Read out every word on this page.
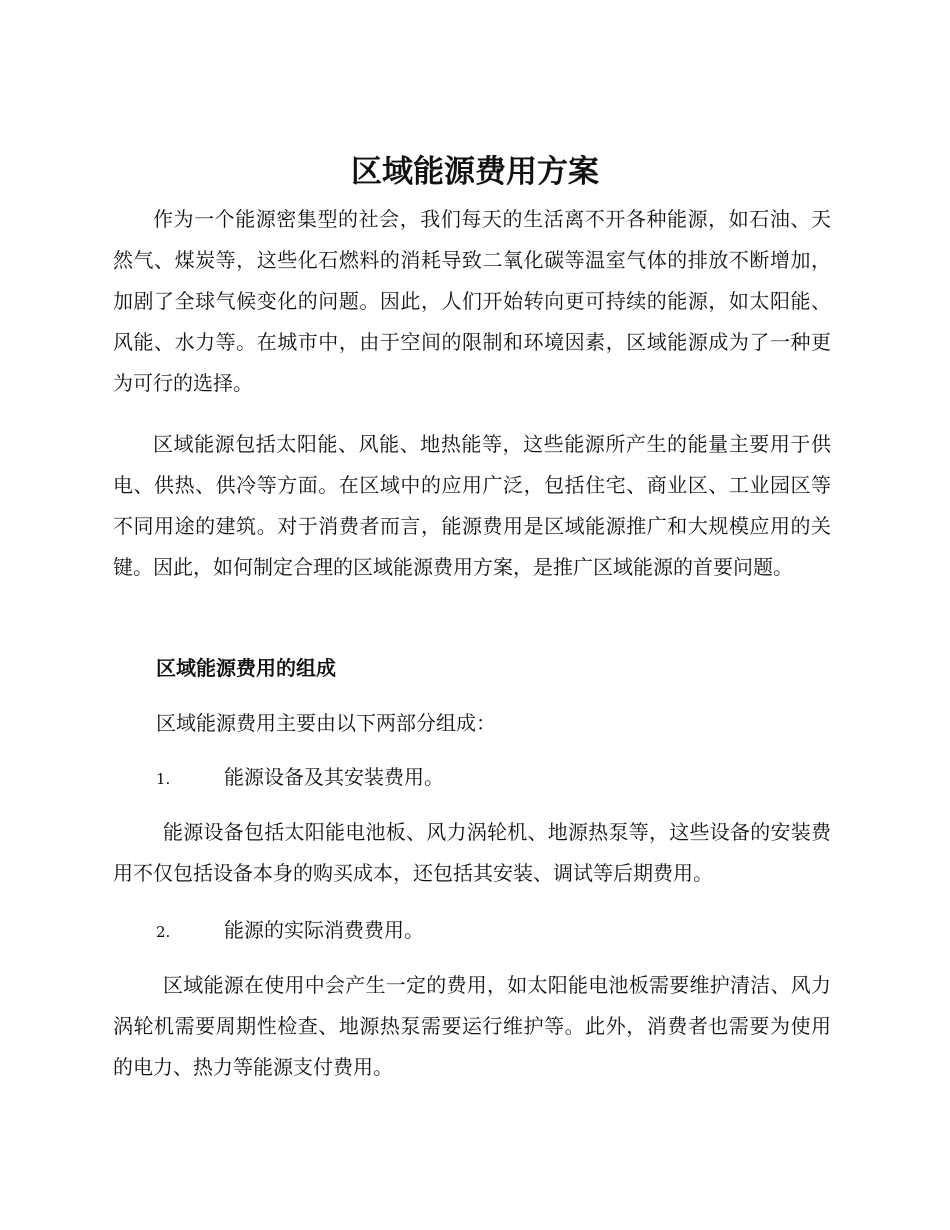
区域能源费用方案

作为一个能源密集型的社会，我们每天的生活离不开各种能源，如石油、天然气、煤炭等，这些化石燃料的消耗导致二氧化碳等温室气体的排放不断增加，加剧了全球气候变化的问题。因此，人们开始转向更可持续的能源，如太阳能、风能、水力等。在城市中，由于空间的限制和环境因素，区域能源成为了一种更为可行的选择。

区域能源包括太阳能、风能、地热能等，这些能源所产生的能量主要用于供电、供热、供冷等方面。在区域中的应用广泛，包括住宅、商业区、工业园区等不同用途的建筑。对于消费者而言，能源费用是区域能源推广和大规模应用的关键。因此，如何制定合理的区域能源费用方案，是推广区域能源的首要问题。

区域能源费用的组成

区域能源费用主要由以下两部分组成：

1.	能源设备及其安装费用。

能源设备包括太阳能电池板、风力涡轮机、地源热泵等，这些设备的安装费用不仅包括设备本身的购买成本，还包括其安装、调试等后期费用。

2.	能源的实际消费费用。

区域能源在使用中会产生一定的费用，如太阳能电池板需要维护清洁、风力涡轮机需要周期性检查、地源热泵需要运行维护等。此外，消费者也需要为使用的电力、热力等能源支付费用。
